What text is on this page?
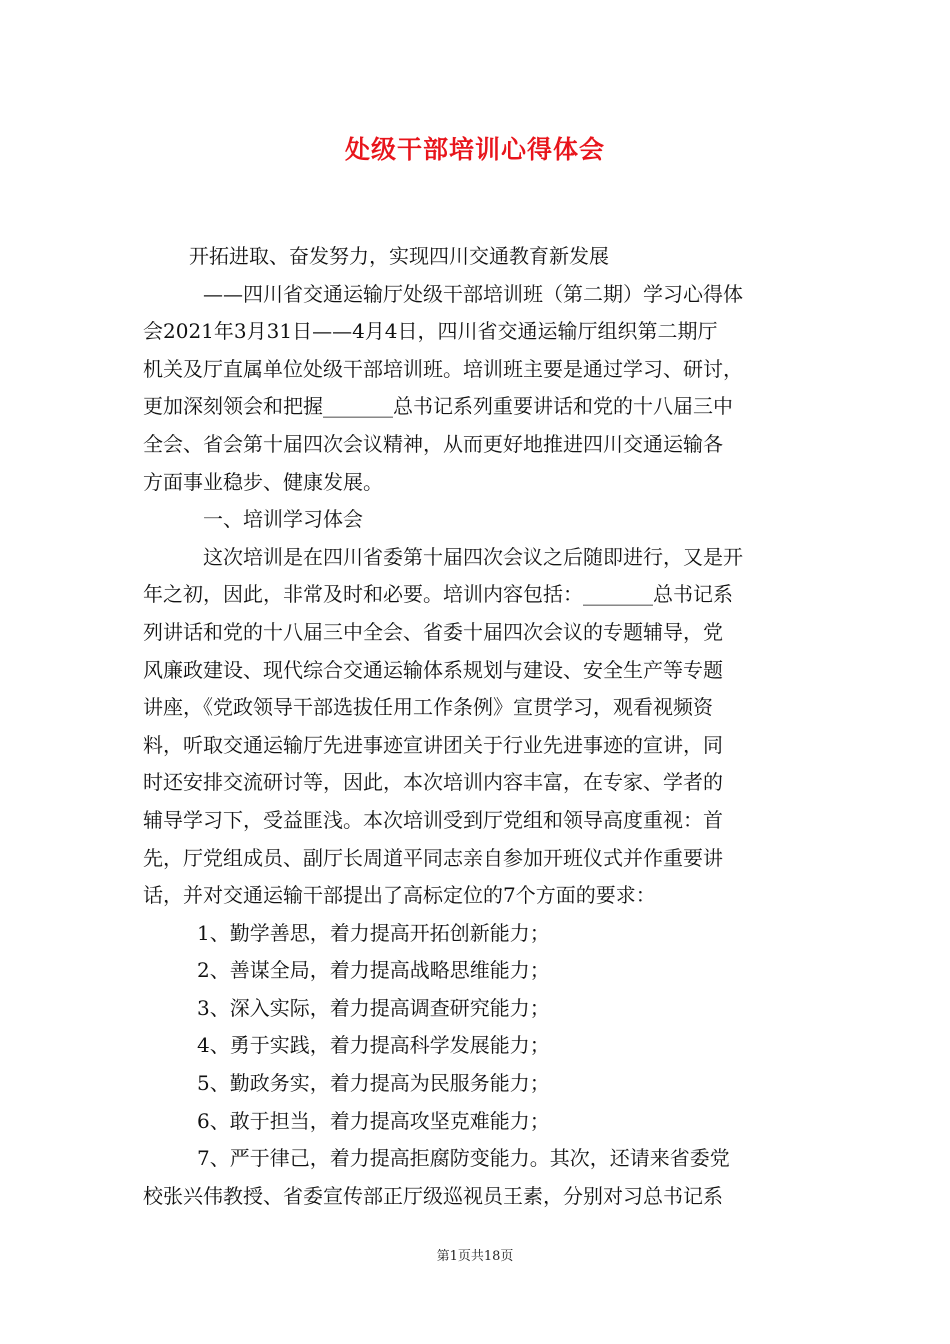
处级干部培训心得体会

开拓进取、奋发努力，实现四川交通教育新发展

——四川省交通运输厅处级干部培训班（第二期）学习心得体

会2021年3月31日——4月4日，四川省交通运输厅组织第二期厅

机关及厅直属单位处级干部培训班。培训班主要是通过学习、研讨，

更加深刻领会和把握_______总书记系列重要讲话和党的十八届三中

全会、省会第十届四次会议精神，从而更好地推进四川交通运输各

方面事业稳步、健康发展。

一、培训学习体会

这次培训是在四川省委第十届四次会议之后随即进行，又是开

年之初，因此，非常及时和必要。培训内容包括：_______总书记系

列讲话和党的十八届三中全会、省委十届四次会议的专题辅导，党

风廉政建设、现代综合交通运输体系规划与建设、安全生产等专题

讲座，《党政领导干部选拔任用工作条例》宣贯学习，观看视频资

料，听取交通运输厅先进事迹宣讲团关于行业先进事迹的宣讲，同

时还安排交流研讨等，因此，本次培训内容丰富，在专家、学者的

辅导学习下，受益匪浅。本次培训受到厅党组和领导高度重视：首

先，厅党组成员、副厅长周道平同志亲自参加开班仪式并作重要讲

话，并对交通运输干部提出了高标定位的7个方面的要求：

1、勤学善思，着力提高开拓创新能力；

2、善谋全局，着力提高战略思维能力；

3、深入实际，着力提高调查研究能力；

4、勇于实践，着力提高科学发展能力；

5、勤政务实，着力提高为民服务能力；

6、敢于担当，着力提高攻坚克难能力；

7、严于律己，着力提高拒腐防变能力。其次，还请来省委党

校张兴伟教授、省委宣传部正厅级巡视员王素，分别对习总书记系

第1页共18页
